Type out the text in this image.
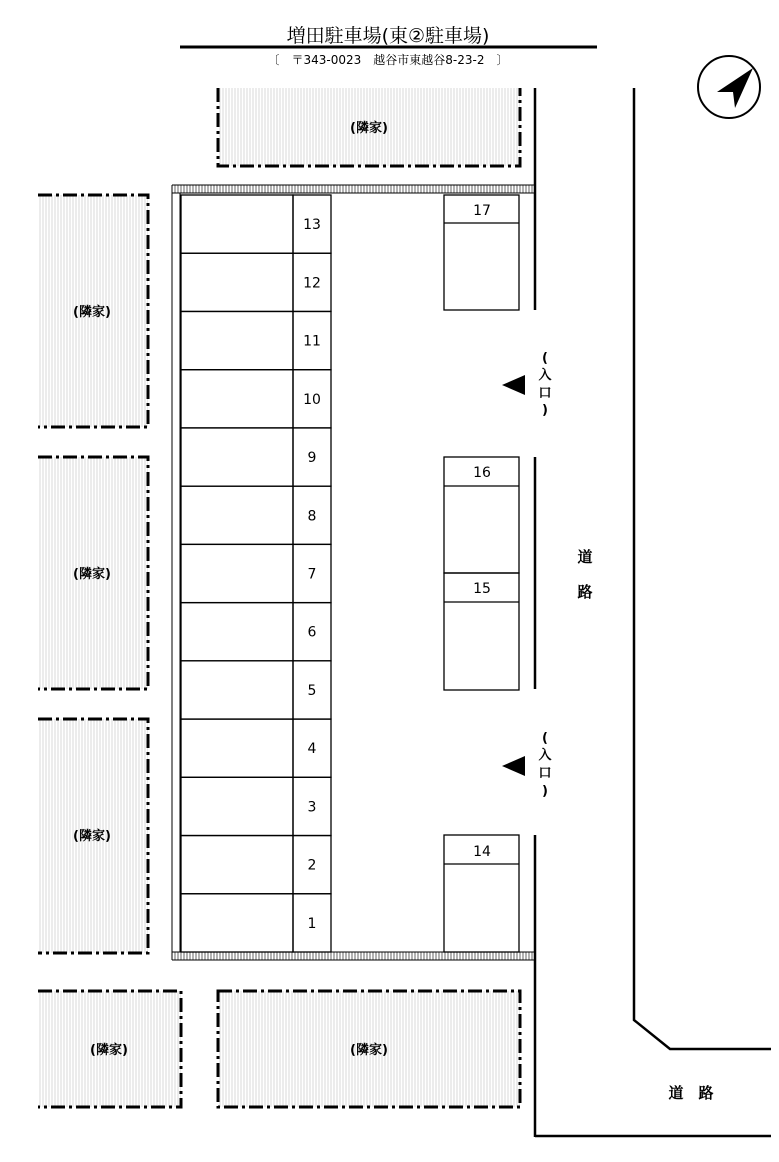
増田駐車場(東②駐車場)
〔　〒343-0023　越谷市東越谷8-23-2　〕
(隣家)
(隣家)
(隣家)
(隣家)
(隣家)	(隣家)
13
12
11
10
9
8
7
6
5
4
3
2
1
17
16
15
14
(
入
口
)
(
入
口
)
道
路
道　路
